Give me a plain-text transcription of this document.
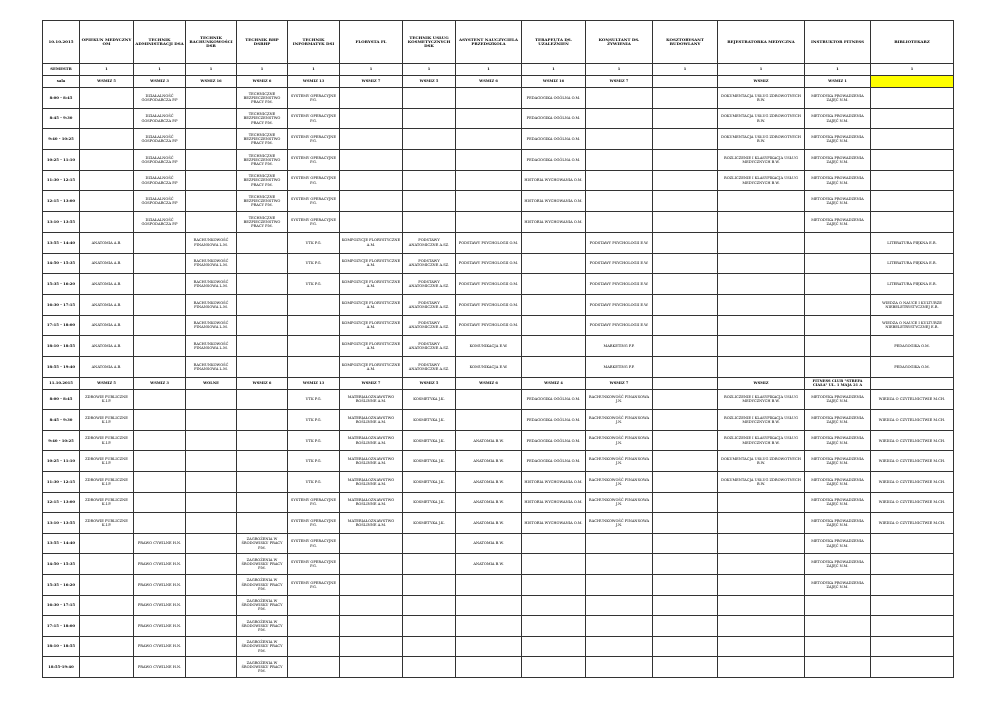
10.10.2015	OPIEKUN MEDYCZNY OM	TECHNIK ADMINISTRACJI DSA	TECHNIK RACHUNKOWOŚCI DSR	TECHNIK BHP DSBHP	TECHNIK INFORMATYK DSI	FLORYSTA FL	TECHNIK USŁUG KOSMETYCZNYCH DSK	ASYSTENT NAUCZYCIELA PRZEDSZKOLA	TERAPEUTA DS. UZALEŻNIEŃ	KONSULTANT DS. ŻYWIENIA	KOSZTORYSANT BUDOWLANY	REJESTRATORKA MEDYCZNA	INSTRUKTOR FITNESS	BIBLIOTEKARZ
SEMESTR	1	1	1	1	1	1	1	1	1	1	1	1	1	1
sala	WSMIZ 5	WSMIZ 3	WSMIZ 16	WSMIZ 6	WSMIZ 13	WSMIZ 7	WSMIZ 5	WSMIZ 6	WSMIZ 16	WSMIZ 7		WSMIZ	WSMIZ 1	
8:00 - 8:45		DZIAŁALNOŚĆ GOSPODARCZA P.P		TECHNICZNE BEZPIECZEŃSTWO PRACY P.M.	SYSTEMY OPERACYJNE P.G.				PEDAGOGIKA OGÓLNA O.M.			DOKUMENTACJA USŁUG ZDROWOTNYCH B.W.	METODYKA PROWADZENIA ZAJĘĆ N.M.	
8:45 - 9:30		DZIAŁALNOŚĆ GOSPODARCZA P.P		TECHNICZNE BEZPIECZEŃSTWO PRACY P.M.	SYSTEMY OPERACYJNE P.G.				PEDAGOGIKA OGÓLNA O.M.			DOKUMENTACJA USŁUG ZDROWOTNYCH B.W.	METODYKA PROWADZENIA ZAJĘĆ N.M.	
9:40 - 10:25		DZIAŁALNOŚĆ GOSPODARCZA P.P		TECHNICZNE BEZPIECZEŃSTWO PRACY P.M.	SYSTEMY OPERACYJNE P.G.				PEDAGOGIKA OGÓLNA O.M.			DOKUMENTACJA USŁUG ZDROWOTNYCH B.W.	METODYKA PROWADZENIA ZAJĘĆ N.M.	
10:25 - 11:10		DZIAŁALNOŚĆ GOSPODARCZA P.P		TECHNICZNE BEZPIECZEŃSTWO PRACY P.M.	SYSTEMY OPERACYJNE P.G.				PEDAGOGIKA OGÓLNA O.M.			ROZLICZENIE I KLASYFIKACJA USŁUG MEDYCZNYCH B.W.	METODYKA PROWADZENIA ZAJĘĆ N.M.	
11:30 - 12:15		DZIAŁALNOŚĆ GOSPODARCZA P.P		TECHNICZNE BEZPIECZEŃSTWO PRACY P.M.	SYSTEMY OPERACYJNE P.G.				HISTORIA WYCHOWANIA O.M.			ROZLICZENIE I KLASYFIKACJA USŁUG MEDYCZNYCH B.W.	METODYKA PROWADZENIA ZAJĘĆ N.M.	
12:15 - 13:00		DZIAŁALNOŚĆ GOSPODARCZA P.P		TECHNICZNE BEZPIECZEŃSTWO PRACY P.M.	SYSTEMY OPERACYJNE P.G.				HISTORIA WYCHOWANIA O.M.				METODYKA PROWADZENIA ZAJĘĆ N.M.	
13:10 - 13:55		DZIAŁALNOŚĆ GOSPODARCZA P.P		TECHNICZNE BEZPIECZEŃSTWO PRACY P.M.	SYSTEMY OPERACYJNE P.G.				HISTORIA WYCHOWANIA O.M.				METODYKA PROWADZENIA ZAJĘĆ N.M.	
13:55 - 14:40	ANATOMIA A.B.		RACHUNKOWOŚĆ FINANSOWA L.M.		UTK P.G.	KOMPOZYCJE FLORYSTYCZNE A.M.	PODSTAWY ANATOMICZNE A.SZ.	PODSTAWY PSYCHOLOGII O.M.		PODSTAWY PSYCHOLOGII E.W.				LITERATURA PIĘKNA E.R.
14:50 - 15:35	ANATOMIA A.B.		RACHUNKOWOŚĆ FINANSOWA L.M.		UTK P.G.	KOMPOZYCJE FLORYSTYCZNE A.M.	PODSTAWY ANATOMICZNE A.SZ.	PODSTAWY PSYCHOLOGII O.M.		PODSTAWY PSYCHOLOGII E.W.				LITERATURA PIĘKNA E.R.
15:35 - 16:20	ANATOMIA A.B.		RACHUNKOWOŚĆ FINANSOWA L.M.		UTK P.G.	KOMPOZYCJE FLORYSTYCZNE A.M.	PODSTAWY ANATOMICZNE A.SZ.	PODSTAWY PSYCHOLOGII O.M.		PODSTAWY PSYCHOLOGII E.W.				LITERATURA PIĘKNA E.R.
16:30 - 17:15	ANATOMIA A.B.		RACHUNKOWOŚĆ FINANSOWA L.M.			KOMPOZYCJE FLORYSTYCZNE A.M.	PODSTAWY ANATOMICZNE A.SZ.	PODSTAWY PSYCHOLOGII O.M.		PODSTAWY PSYCHOLOGII E.W.				WIEDZA O NAUCE I KULTURZE NIEBELETRYSTYCZNEJ E.R.
17:15 - 18:00	ANATOMIA A.B.		RACHUNKOWOŚĆ FINANSOWA L.M.			KOMPOZYCJE FLORYSTYCZNE A.M.	PODSTAWY ANATOMICZNE A.SZ.	PODSTAWY PSYCHOLOGII O.M.		PODSTAWY PSYCHOLOGII E.W.				WIEDZA O NAUCE I KULTURZE NIEBELETRYSTYCZNEJ E.R.
18:10 - 18:55	ANATOMIA A.B.		RACHUNKOWOŚĆ FINANSOWA L.M.			KOMPOZYCJE FLORYSTYCZNE A.M.	PODSTAWY ANATOMICZNE A.SZ.	KOMUNIKACJA E.W.		MARKETING P.P.				PEDAGOGIKA O.M.
18:55 - 19:40	ANATOMIA A.B.		RACHUNKOWOŚĆ FINANSOWA L.M.			KOMPOZYCJE FLORYSTYCZNE A.M.	PODSTAWY ANATOMICZNE A.SZ.	KOMUNIKACJA E.W.		MARKETING P.P.				PEDAGOGIKA O.M.
11.10.2015	WSMIZ 5	WSMIZ 3	WOLNE	WSMIZ 6	WSMIZ 13	WSMIZ 7	WSMIZ 5	WSMIZ 6	WSMIZ 4	WSMIZ 7		WSMIZ	FITNESS CLUB "STREFA CIAŁA" UL. 1 MAJA 21 A	
8:00 - 8:45	ZDROWIE PUBLICZNE K.I.P.				UTK P.G.	MATERIAŁOZNAWSTWO ROŚLINNE A.M.	KOSMETYKA J.K.		PEDAGOGIKA OGÓLNA O.M.	RACHUNKOWOŚĆ FINANSOWA J.N.		ROZLICZENIE I KLASYFIKACJA USŁUG MEDYCZNYCH B.W.	METODYKA PROWADZENIA ZAJĘĆ N.M.	WIEDZA O CZYTELNICTWIE M.CH.
8:45 - 9:30	ZDROWIE PUBLICZNE K.I.P.				UTK P.G.	MATERIAŁOZNAWSTWO ROŚLINNE A.M.	KOSMETYKA J.K.		PEDAGOGIKA OGÓLNA O.M.	RACHUNKOWOŚĆ FINANSOWA J.N.		ROZLICZENIE I KLASYFIKACJA USŁUG MEDYCZNYCH B.W.	METODYKA PROWADZENIA ZAJĘĆ N.M.	WIEDZA O CZYTELNICTWIE M.CH.
9:40 - 10:25	ZDROWIE PUBLICZNE K.I.P.				UTK P.G.	MATERIAŁOZNAWSTWO ROŚLINNE A.M.	KOSMETYKA J.K.	ANATOMIA B.W.	PEDAGOGIKA OGÓLNA O.M.	RACHUNKOWOŚĆ FINANSOWA J.N.		ROZLICZENIE I KLASYFIKACJA USŁUG MEDYCZNYCH B.W.	METODYKA PROWADZENIA ZAJĘĆ N.M.	WIEDZA O CZYTELNICTWIE M.CH.
10:25 - 11:10	ZDROWIE PUBLICZNE K.I.P.				UTK P.G.	MATERIAŁOZNAWSTWO ROŚLINNE A.M.	KOSMETYKA J.K.	ANATOMIA B.W.	PEDAGOGIKA OGÓLNA O.M.	RACHUNKOWOŚĆ FINANSOWA J.N.		DOKUMENTACJA USŁUG ZDROWOTNYCH B.W.	METODYKA PROWADZENIA ZAJĘĆ N.M.	WIEDZA O CZYTELNICTWIE M.CH.
11:30 - 12:15	ZDROWIE PUBLICZNE K.I.P.				UTK P.G.	MATERIAŁOZNAWSTWO ROŚLINNE A.M.	KOSMETYKA J.K.	ANATOMIA B.W.	HISTORIA WYCHOWANIA O.M.	RACHUNKOWOŚĆ FINANSOWA J.N.		DOKUMENTACJA USŁUG ZDROWOTNYCH B.W.	METODYKA PROWADZENIA ZAJĘĆ N.M.	WIEDZA O CZYTELNICTWIE M.CH.
12:15 - 13:00	ZDROWIE PUBLICZNE K.I.P.				SYSTEMY OPERACYJNE P.G.	MATERIAŁOZNAWSTWO ROŚLINNE A.M.	KOSMETYKA J.K.	ANATOMIA B.W.	HISTORIA WYCHOWANIA O.M.	RACHUNKOWOŚĆ FINANSOWA J.N.			METODYKA PROWADZENIA ZAJĘĆ N.M.	WIEDZA O CZYTELNICTWIE M.CH.
13:10 - 13:55	ZDROWIE PUBLICZNE K.I.P.				SYSTEMY OPERACYJNE P.G.	MATERIAŁOZNAWSTWO ROŚLINNE A.M.	KOSMETYKA J.K.	ANATOMIA B.W.	HISTORIA WYCHOWANIA O.M.	RACHUNKOWOŚĆ FINANSOWA J.N.			METODYKA PROWADZENIA ZAJĘĆ N.M.	WIEDZA O CZYTELNICTWIE M.CH.
13:55 - 14:40		PRAWO CYWILNE H.N.		ZAGROŻENIA W ŚRODOWISKU PRACY P.M.	SYSTEMY OPERACYJNE P.G.			ANATOMIA B.W.					METODYKA PROWADZENIA ZAJĘĆ N.M.	
14:50 - 15:35		PRAWO CYWILNE H.N.		ZAGROŻENIA W ŚRODOWISKU PRACY P.M.	SYSTEMY OPERACYJNE P.G.			ANATOMIA B.W.					METODYKA PROWADZENIA ZAJĘĆ N.M.	
15:35 - 16:20		PRAWO CYWILNE H.N.		ZAGROŻENIA W ŚRODOWISKU PRACY P.M.	SYSTEMY OPERACYJNE P.G.								METODYKA PROWADZENIA ZAJĘĆ N.M.	
16:30 - 17:15		PRAWO CYWILNE H.N.		ZAGROŻENIA W ŚRODOWISKU PRACY P.M.										
17:15 - 18:00		PRAWO CYWILNE H.N.		ZAGROŻENIA W ŚRODOWISKU PRACY P.M.										
18:10 - 18:55		PRAWO CYWILNE H.N.		ZAGROŻENIA W ŚRODOWISKU PRACY P.M.										
18:55-19:40		PRAWO CYWILNE H.N.		ZAGROŻENIA W ŚRODOWISKU PRACY P.M.										
